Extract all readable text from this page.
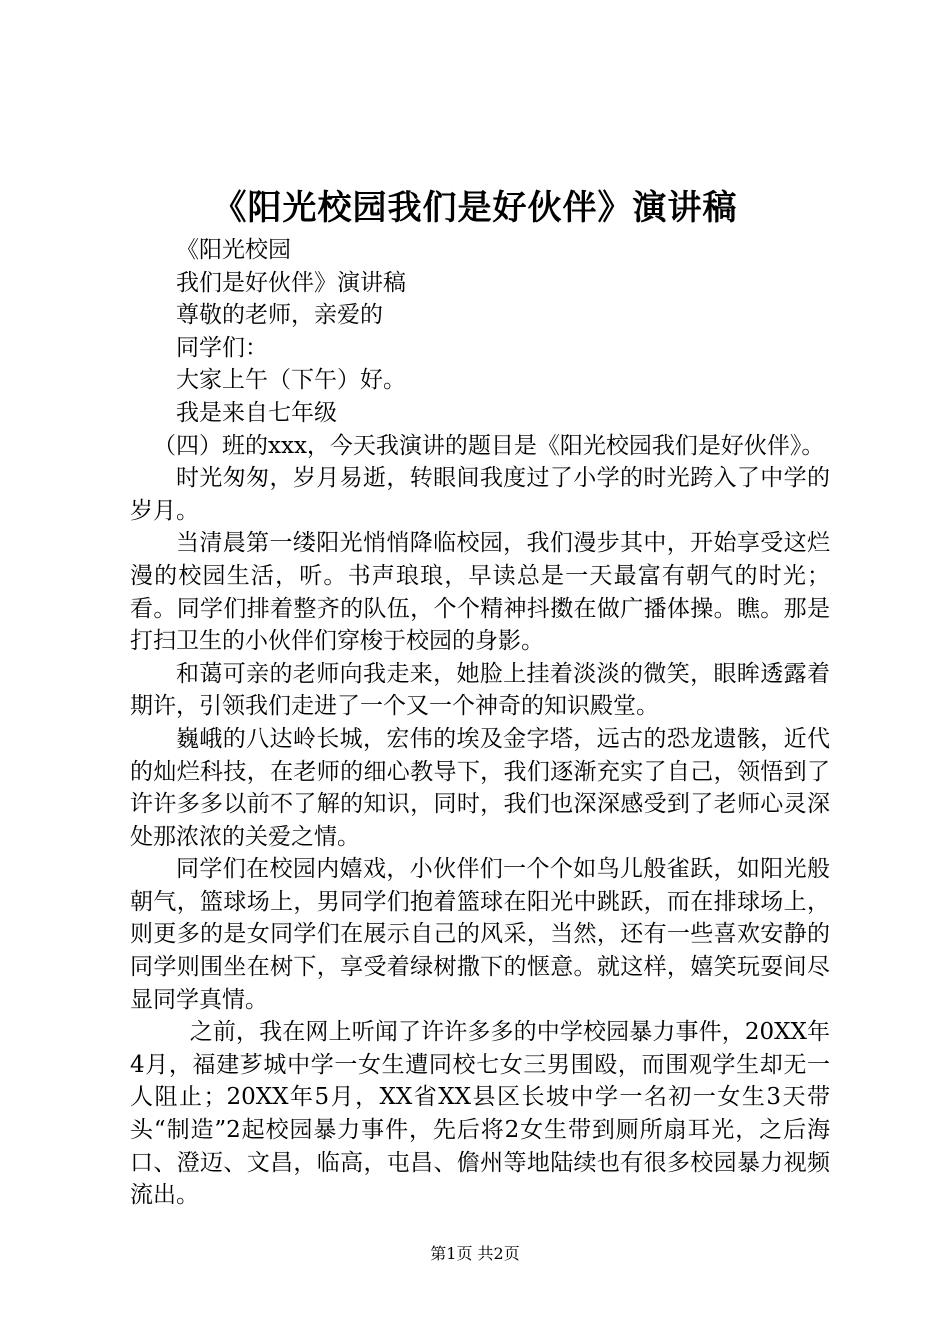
《阳光校园我们是好伙伴》演讲稿

《阳光校园

我们是好伙伴》演讲稿

尊敬的老师，亲爱的

同学们：

大家上午（下午）好。

我是来自七年级

（四）班的xxx，今天我演讲的题目是《阳光校园我们是好伙伴》。

时光匆匆，岁月易逝，转眼间我度过了小学的时光跨入了中学的岁月。

当清晨第一缕阳光悄悄降临校园，我们漫步其中，开始享受这烂漫的校园生活，听。书声琅琅，早读总是一天最富有朝气的时光；看。同学们排着整齐的队伍，个个精神抖擞在做广播体操。瞧。那是打扫卫生的小伙伴们穿梭于校园的身影。

和蔼可亲的老师向我走来，她脸上挂着淡淡的微笑，眼眸透露着期许，引领我们走进了一个又一个神奇的知识殿堂。

巍峨的八达岭长城，宏伟的埃及金字塔，远古的恐龙遗骸，近代的灿烂科技，在老师的细心教导下，我们逐渐充实了自己，领悟到了许许多多以前不了解的知识，同时，我们也深深感受到了老师心灵深处那浓浓的关爱之情。

同学们在校园内嬉戏，小伙伴们一个个如鸟儿般雀跃，如阳光般朝气，篮球场上，男同学们抱着篮球在阳光中跳跃，而在排球场上，则更多的是女同学们在展示自己的风采，当然，还有一些喜欢安静的同学则围坐在树下，享受着绿树撒下的惬意。就这样，嬉笑玩耍间尽显同学真情。

之前，我在网上听闻了许许多多的中学校园暴力事件，20XX年4月，福建芗城中学一女生遭同校七女三男围殴，而围观学生却无一人阻止；20XX年5月，XX省XX县区长坡中学一名初一女生3天带头“制造”2起校园暴力事件，先后将2女生带到厕所扇耳光，之后海口、澄迈、文昌，临高，屯昌、儋州等地陆续也有很多校园暴力视频流出。

第1页 共2页
